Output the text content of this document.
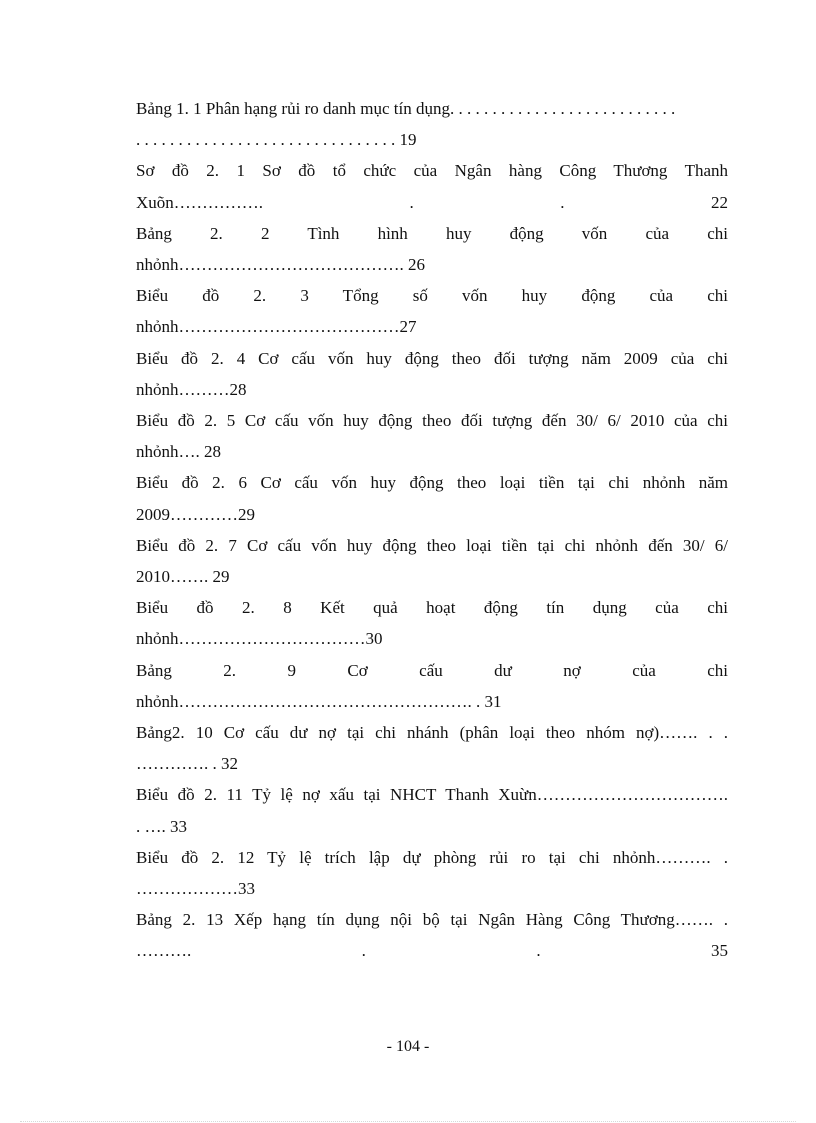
Bảng 1. 1 Phân hạng rủi ro danh mục tín dụng. . . . . . . . . . . . . . . . . . . . . . . . . . .
. . . . . . . . . . . . . . . . . . . . . . . . . . . . . . . 19
Sơ đồ 2. 1 Sơ đồ tổ chức của Ngân hàng Công Thương Thanh
Xuõn……………. . . 22
Bảng 2. 2 Tình hình huy động vốn của chi
nhỏnh…………………………………. 26
Biểu đồ 2. 3 Tổng số vốn huy động của chi
nhỏnh…………………………………27
Biểu đồ 2. 4 Cơ cấu vốn huy động theo đối tượng năm 2009 của chi
nhỏnh………28
Biểu đồ 2. 5 Cơ cấu vốn huy động theo đối tượng đến 30/ 6/ 2010 của chi
nhỏnh…. 28
Biểu đồ 2. 6 Cơ cấu vốn huy động theo loại tiền tại chi nhỏnh năm
2009…………29
Biểu đồ 2. 7 Cơ cấu vốn huy động theo loại tiền tại chi nhỏnh đến 30/ 6/
2010……. 29
Biểu đồ 2. 8 Kết quả hoạt động tín dụng của chi
nhỏnh……………………………30
Bảng 2. 9 Cơ cấu dư nợ của chi
nhỏnh……………………………………………. . 31
Bảng2. 10 Cơ cấu dư nợ tại chi nhánh (phân loại theo nhóm nợ)……. . .
…………. . 32
Biểu đồ 2. 11 Tỷ lệ nợ xấu tại NHCT Thanh Xuừn…………………………….
. …. 33
Biểu đồ 2. 12 Tỷ lệ trích lập dự phòng rủi ro tại chi nhỏnh………. .
………………33
Bảng 2. 13 Xếp hạng tín dụng nội bộ tại Ngân Hàng Công Thương……. .
………. . . 35
- 104 -
